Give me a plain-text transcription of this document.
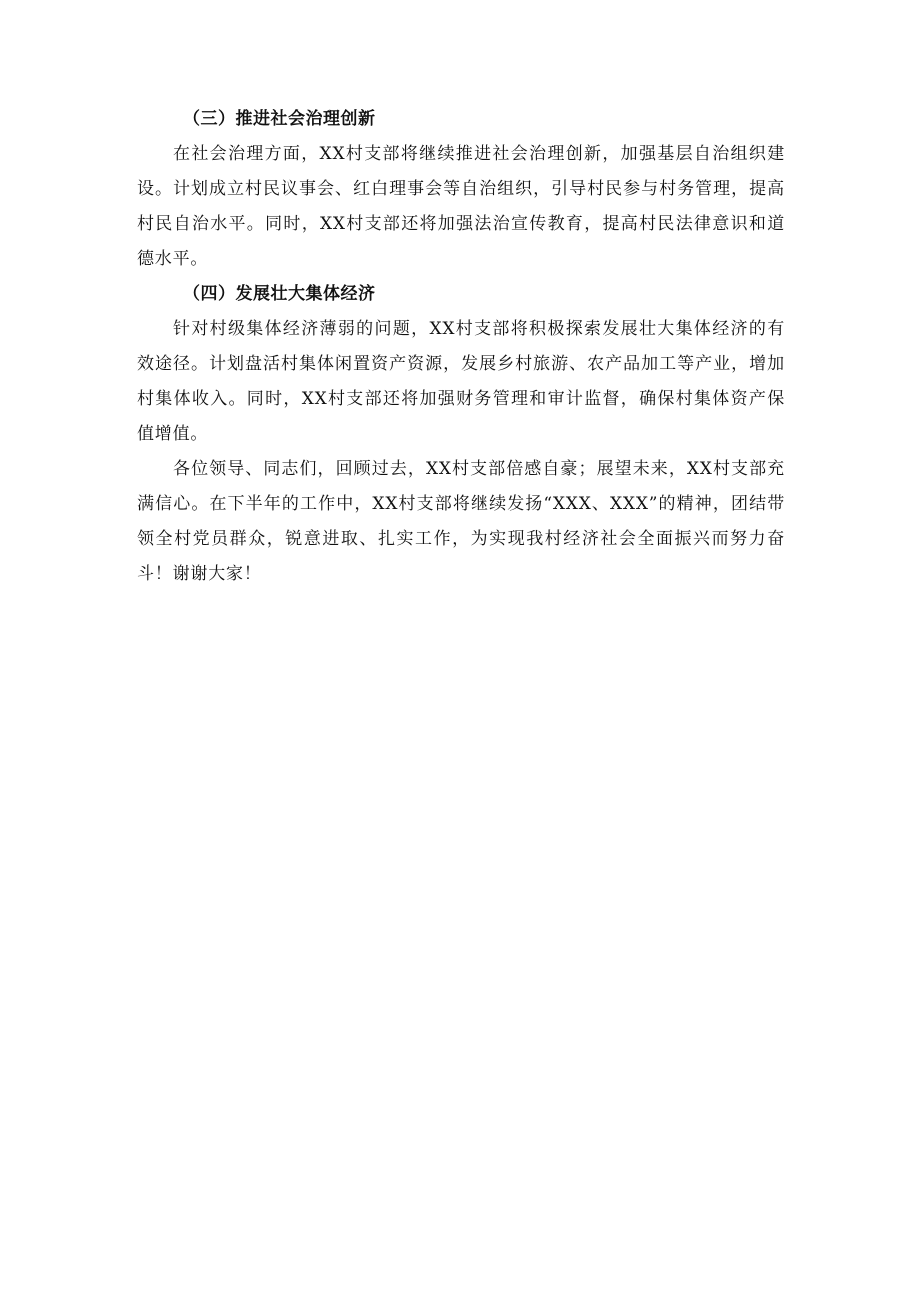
（三）推进社会治理创新

在社会治理方面，XX村支部将继续推进社会治理创新，加强基层自治组织建设。计划成立村民议事会、红白理事会等自治组织，引导村民参与村务管理，提高村民自治水平。同时，XX村支部还将加强法治宣传教育，提高村民法律意识和道德水平。

（四）发展壮大集体经济

针对村级集体经济薄弱的问题，XX村支部将积极探索发展壮大集体经济的有效途径。计划盘活村集体闲置资产资源，发展乡村旅游、农产品加工等产业，增加村集体收入。同时，XX村支部还将加强财务管理和审计监督，确保村集体资产保值增值。

各位领导、同志们，回顾过去，XX村支部倍感自豪；展望未来，XX村支部充满信心。在下半年的工作中，XX村支部将继续发扬“XXX、XXX”的精神，团结带领全村党员群众，锐意进取、扎实工作，为实现我村经济社会全面振兴而努力奋斗！谢谢大家！
